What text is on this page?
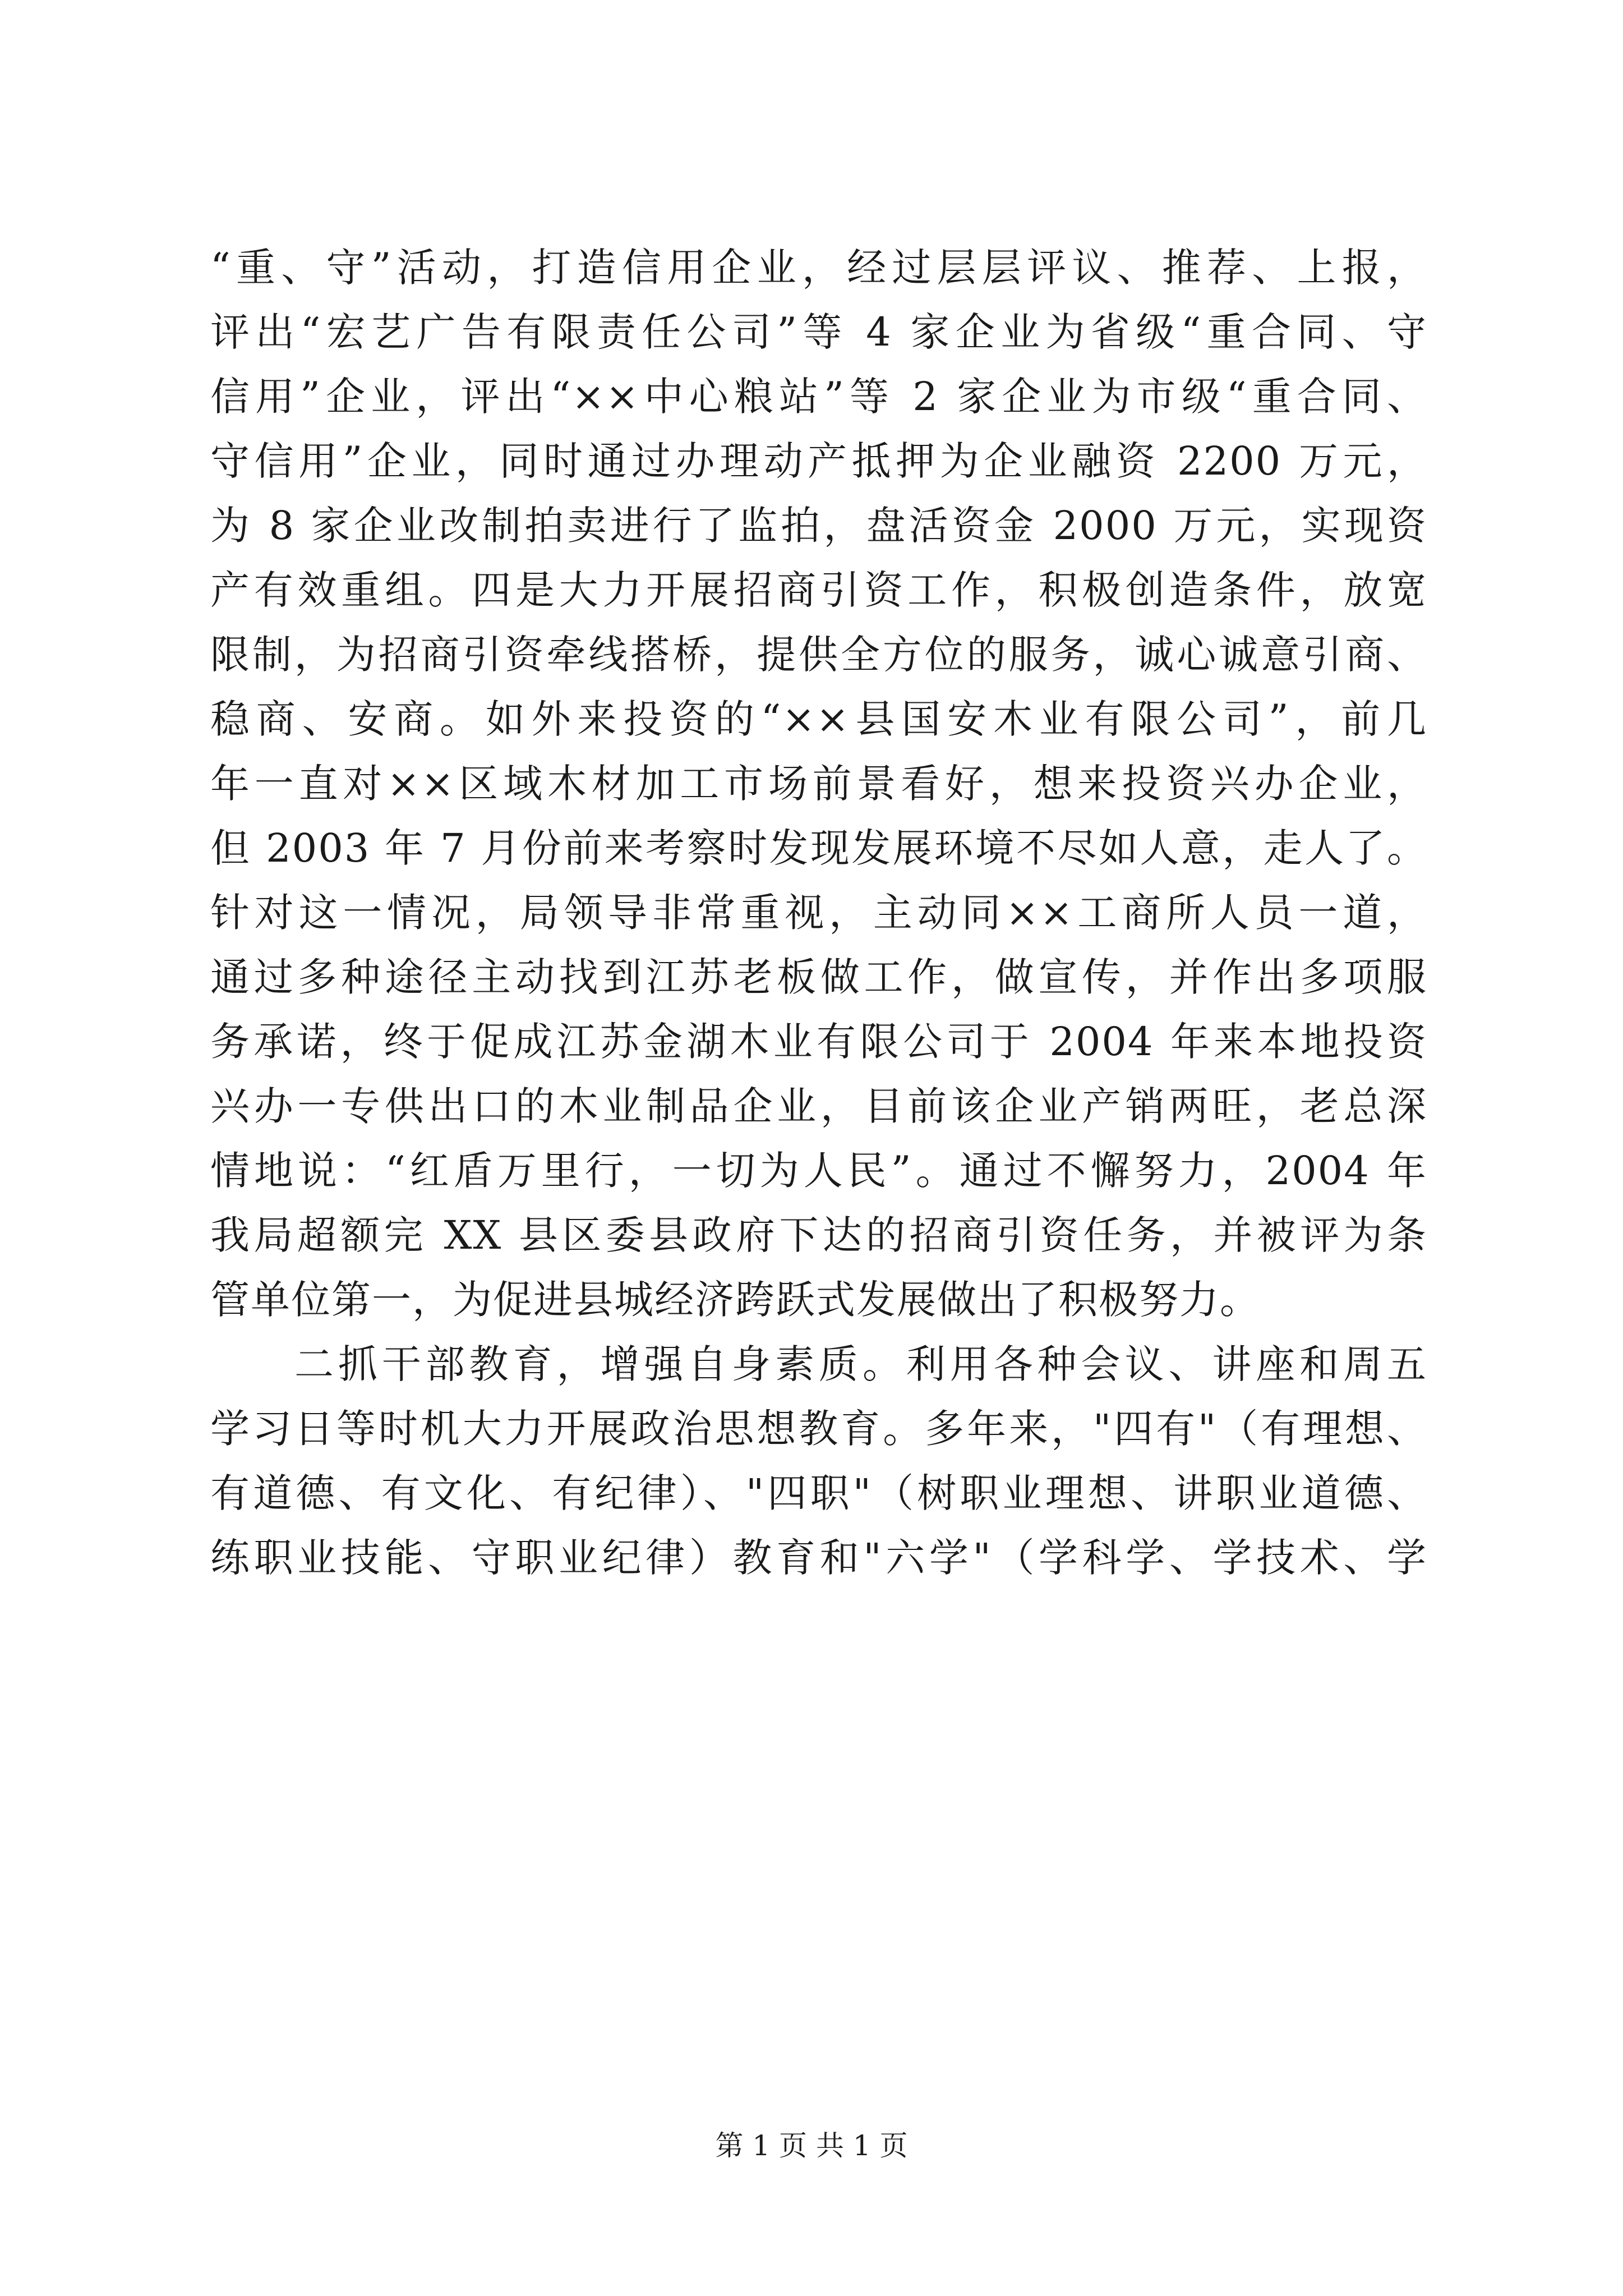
“重、守”活动，打造信用企业，经过层层评议、推荐、上报，
评出“宏艺广告有限责任公司”等 4 家企业为省级“重合同、守
信用”企业，评出“××中心粮站”等 2 家企业为市级“重合同、
守信用”企业，同时通过办理动产抵押为企业融资 2200 万元，
为 8 家企业改制拍卖进行了监拍，盘活资金 2000 万元，实现资
产有效重组。四是大力开展招商引资工作，积极创造条件，放宽
限制，为招商引资牵线搭桥，提供全方位的服务，诚心诚意引商、
稳商、安商。如外来投资的“××县国安木业有限公司”，前几
年一直对××区域木材加工市场前景看好，想来投资兴办企业，
但 2003 年 7 月份前来考察时发现发展环境不尽如人意，走人了。
针对这一情况，局领导非常重视，主动同××工商所人员一道，
通过多种途径主动找到江苏老板做工作，做宣传，并作出多项服
务承诺，终于促成江苏金湖木业有限公司于 2004 年来本地投资
兴办一专供出口的木业制品企业，目前该企业产销两旺，老总深
情地说：“红盾万里行，一切为人民”。通过不懈努力，2004 年
我局超额完 XX 县区委县政府下达的招商引资任务，并被评为条
管单位第一，为促进县城经济跨跃式发展做出了积极努力。
二抓干部教育，增强自身素质。利用各种会议、讲座和周五
学习日等时机大力开展政治思想教育。多年来，"四有"（有理想、
有道德、有文化、有纪律）、"四职"（树职业理想、讲职业道德、
练职业技能、守职业纪律）教育和"六学"（学科学、学技术、学
第 1 页 共 1 页
